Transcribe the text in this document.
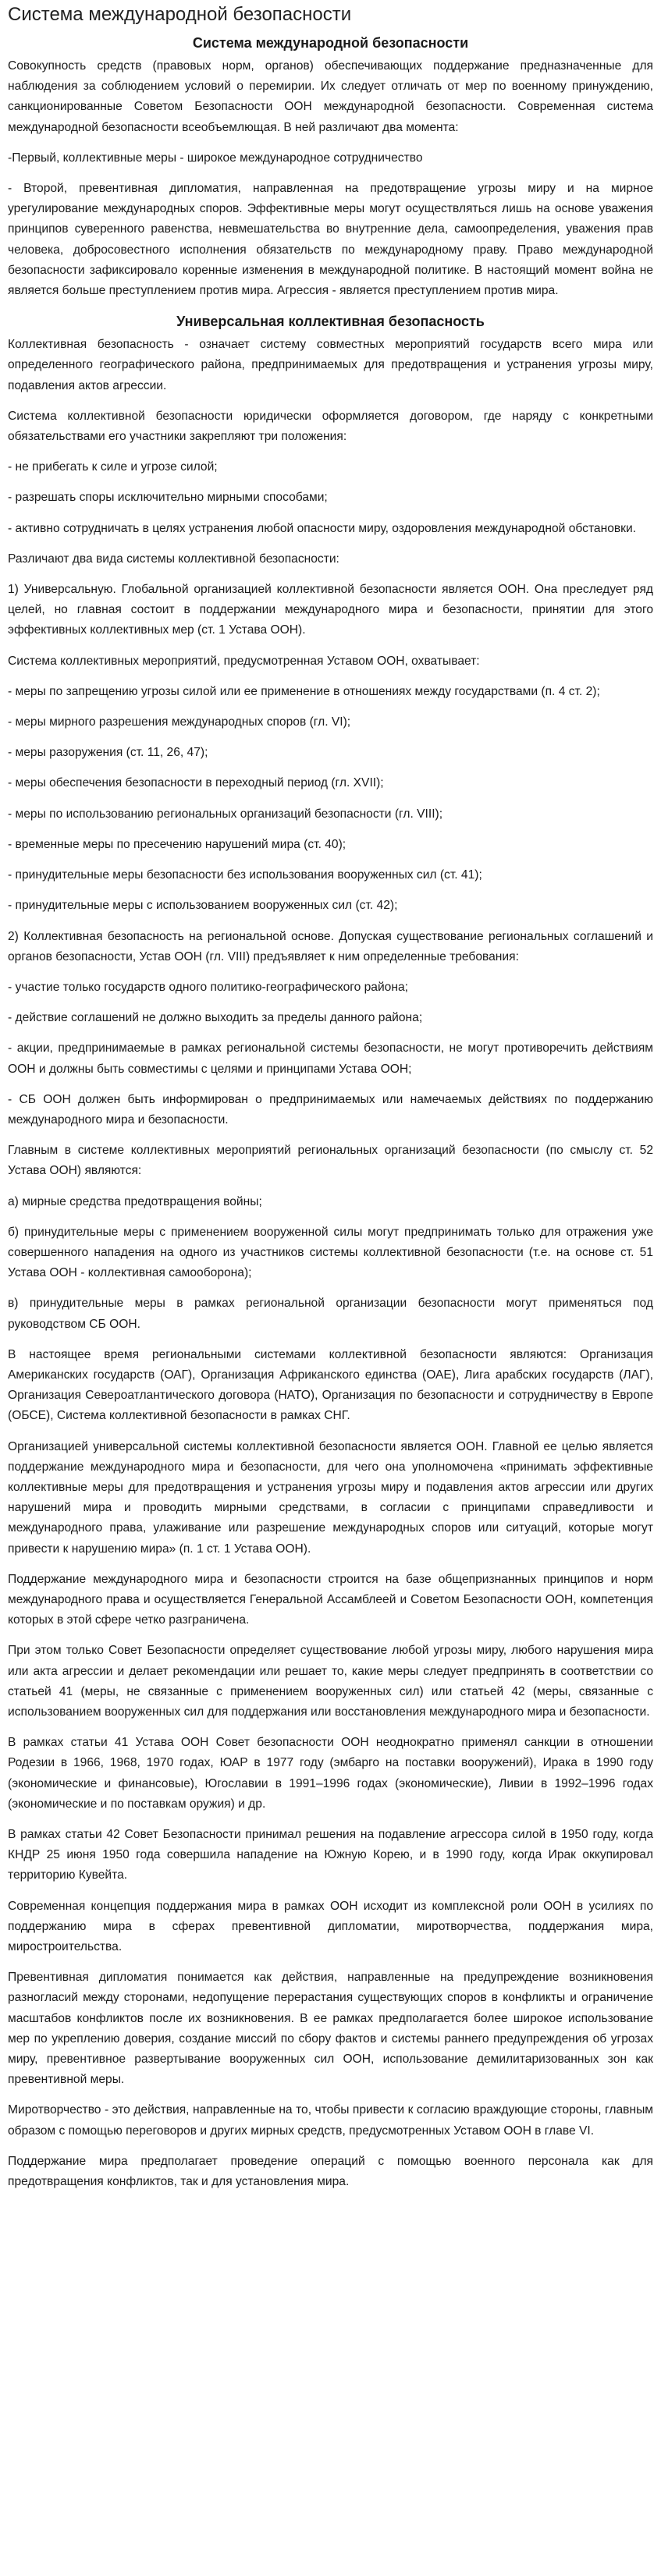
Система международной безопасности
Система международной безопасности

Совокупность средств (правовых норм, органов) обеспечивающих поддержание предназначенные для наблюдения за соблюдением условий о перемирии. Их следует отличать от мер по военному принуждению, санкционированные Советом Безопасности ООН международной безопасности. Современная система международной безопасности всеобъемлющая. В ней различают два момента:

-Первый, коллективные меры - широкое международное сотрудничество

- Второй, превентивная дипломатия, направленная на предотвращение угрозы миру и на мирное урегулирование международных споров. Эффективные меры могут осуществляться лишь на основе уважения принципов суверенного равенства, невмешательства во внутренние дела, самоопределения, уважения прав человека, добросовестного исполнения обязательств по международному праву. Право международной безопасности зафиксировало коренные изменения в международной политике. В настоящий момент война не является больше преступлением против мира. Агрессия - является преступлением против мира.

Универсальная коллективная безопасность

Коллективная безопасность - означает систему совместных мероприятий государств всего мира или определенного географического района, предпринимаемых для предотвращения и устранения угрозы миру, подавления актов агрессии.

Система коллективной безопасности юридически оформляется договором, где наряду с конкретными обязательствами его участники закрепляют три положения:

- не прибегать к силе и угрозе силой;

- разрешать споры исключительно мирными способами;

- активно сотрудничать в целях устранения любой опасности миру, оздоровления международной обстановки.

Различают два вида системы коллективной безопасности:

1) Универсальную. Глобальной организацией коллективной безопасности является ООН. Она преследует ряд целей, но главная состоит в поддержании международного мира и безопасности, принятии для этого эффективных коллективных мер (ст. 1 Устава ООН).

Система коллективных мероприятий, предусмотренная Уставом ООН, охватывает:

- меры по запрещению угрозы силой или ее применение в отношениях между государствами (п. 4 ст. 2);

- меры мирного разрешения международных споров (гл. VI);

- меры разоружения (ст. 11, 26, 47);

- меры обеспечения безопасности в переходный период (гл. XVII);

- меры по использованию региональных организаций безопасности (гл. VIII);

- временные меры по пресечению нарушений мира (ст. 40);

- принудительные меры безопасности без использования вооруженных сил (ст. 41);

- принудительные меры с использованием вооруженных сил (ст. 42);

2) Коллективная безопасность на региональной основе. Допуская существование региональных соглашений и органов безопасности, Устав ООН (гл. VIII) предъявляет к ним определенные требования:

- участие только государств одного политико-географического района;

- действие соглашений не должно выходить за пределы данного района;

- акции, предпринимаемые в рамках региональной системы безопасности, не могут противоречить действиям ООН и должны быть совместимы с целями и принципами Устава ООН;

- СБ ООН должен быть информирован о предпринимаемых или намечаемых действиях по поддержанию международного мира и безопасности.

Главным в системе коллективных мероприятий региональных организаций безопасности (по смыслу ст. 52 Устава ООН) являются:

а) мирные средства предотвращения войны;

б) принудительные меры с применением вооруженной силы могут предпринимать только для отражения уже совершенного нападения на одного из участников системы коллективной безопасности (т.е. на основе ст. 51 Устава ООН - коллективная самооборона);

в) принудительные меры в рамках региональной организации безопасности могут применяться под руководством СБ ООН.

В настоящее время региональными системами коллективной безопасности являются: Организация Американских государств (ОАГ), Организация Африканского единства (ОАЕ), Лига арабских государств (ЛАГ), Организация Североатлантического договора (НАТО), Организация по безопасности и сотрудничеству в Европе (ОБСЕ), Система коллективной безопасности в рамках СНГ.

Организацией универсальной системы коллективной безопасности является ООН. Главной ее целью является поддержание международного мира и безопасности, для чего она уполномочена «принимать эффективные коллективные меры для предотвращения и устранения угрозы миру и подавления актов агрессии или других нарушений мира и проводить мирными средствами, в согласии с принципами справедливости и международного права, улаживание или разрешение международных споров или ситуаций, которые могут привести к нарушению мира» (п. 1 ст. 1 Устава ООН).

Поддержание международного мира и безопасности строится на базе общепризнанных принципов и норм международного права и осуществляется Генеральной Ассамблеей и Советом Безопасности ООН, компетенция которых в этой сфере четко разграничена.

При этом только Совет Безопасности определяет существование любой угрозы миру, любого нарушения мира или акта агрессии и делает рекомендации или решает то, какие меры следует предпринять в соответствии со статьей 41 (меры, не связанные с применением вооруженных сил) или статьей 42 (меры, связанные с использованием вооруженных сил для поддержания или восстановления международного мира и безопасности.

В рамках статьи 41 Устава ООН Совет безопасности ООН неоднократно применял санкции в отношении Родезии в 1966, 1968, 1970 годах, ЮАР в 1977 году (эмбарго на поставки вооружений), Ирака в 1990 году (экономические и финансовые), Югославии в 1991–1996 годах (экономические), Ливии в 1992–1996 годах (экономические и по поставкам оружия) и др.

В рамках статьи 42 Совет Безопасности принимал решения на подавление агрессора силой в 1950 году, когда КНДР 25 июня 1950 года совершила нападение на Южную Корею, и в 1990 году, когда Ирак оккупировал территорию Кувейта.

Современная концепция поддержания мира в рамках ООН исходит из комплексной роли ООН в усилиях по поддержанию мира в сферах превентивной дипломатии, миротворчества, поддержания мира, миростроительства.

Превентивная дипломатия понимается как действия, направленные на предупреждение возникновения разногласий между сторонами, недопущение перерастания существующих споров в конфликты и ограничение масштабов конфликтов после их возникновения. В ее рамках предполагается более широкое использование мер по укреплению доверия, создание миссий по сбору фактов и системы раннего предупреждения об угрозах миру, превентивное развертывание вооруженных сил ООН, использование демилитаризованных зон как превентивной меры.

Миротворчество - это действия, направленные на то, чтобы привести к согласию враждующие стороны, главным образом с помощью переговоров и других мирных средств, предусмотренных Уставом ООН в главе VI.

Поддержание мира предполагает проведение операций с помощью военного персонала как для предотвращения конфликтов, так и для установления мира.
